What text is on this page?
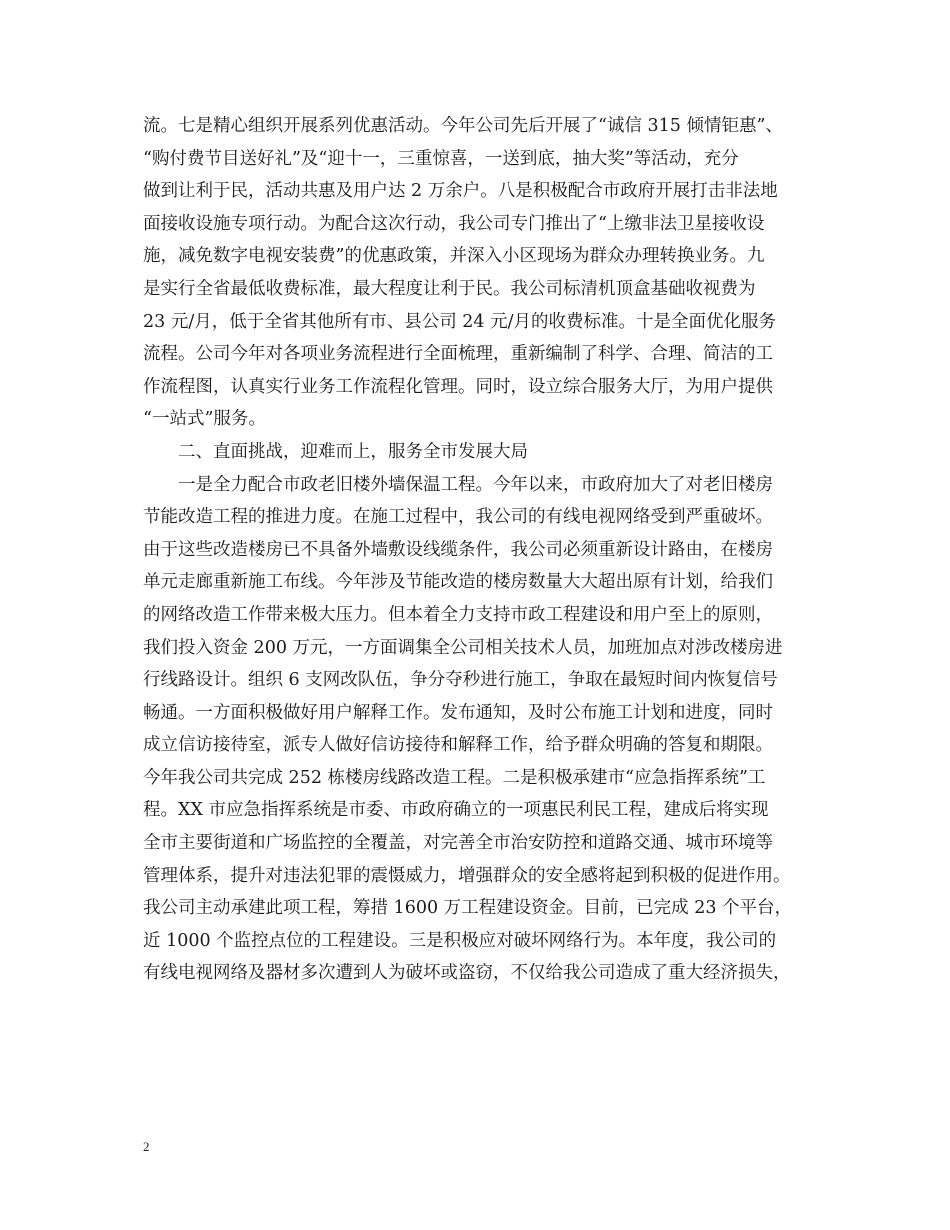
流。七是精心组织开展系列优惠活动。今年公司先后开展了“诚信 315 倾情钜惠”、
“购付费节目送好礼”及“迎十一，三重惊喜，一送到底，抽大奖”等活动，充分
做到让利于民，活动共惠及用户达 2 万余户。八是积极配合市政府开展打击非法地
面接收设施专项行动。为配合这次行动，我公司专门推出了“上缴非法卫星接收设
施，减免数字电视安装费”的优惠政策，并深入小区现场为群众办理转换业务。九
是实行全省最低收费标准，最大程度让利于民。我公司标清机顶盒基础收视费为
23 元/月，低于全省其他所有市、县公司 24 元/月的收费标准。十是全面优化服务
流程。公司今年对各项业务流程进行全面梳理，重新编制了科学、合理、简洁的工
作流程图，认真实行业务工作流程化管理。同时，设立综合服务大厅，为用户提供
“一站式”服务。
二、直面挑战，迎难而上，服务全市发展大局
一是全力配合市政老旧楼外墙保温工程。今年以来，市政府加大了对老旧楼房
节能改造工程的推进力度。在施工过程中，我公司的有线电视网络受到严重破坏。
由于这些改造楼房已不具备外墙敷设线缆条件，我公司必须重新设计路由，在楼房
单元走廊重新施工布线。今年涉及节能改造的楼房数量大大超出原有计划，给我们
的网络改造工作带来极大压力。但本着全力支持市政工程建设和用户至上的原则，
我们投入资金 200 万元，一方面调集全公司相关技术人员，加班加点对涉改楼房进
行线路设计。组织 6 支网改队伍，争分夺秒进行施工，争取在最短时间内恢复信号
畅通。一方面积极做好用户解释工作。发布通知，及时公布施工计划和进度，同时
成立信访接待室，派专人做好信访接待和解释工作，给予群众明确的答复和期限。
今年我公司共完成 252 栋楼房线路改造工程。二是积极承建市“应急指挥系统”工
程。XX 市应急指挥系统是市委、市政府确立的一项惠民利民工程，建成后将实现
全市主要街道和广场监控的全覆盖，对完善全市治安防控和道路交通、城市环境等
管理体系，提升对违法犯罪的震慑威力，增强群众的安全感将起到积极的促进作用。
我公司主动承建此项工程，筹措 1600 万工程建设资金。目前，已完成 23 个平台，
近 1000 个监控点位的工程建设。三是积极应对破坏网络行为。本年度，我公司的
有线电视网络及器材多次遭到人为破坏或盗窃，不仅给我公司造成了重大经济损失，
2
